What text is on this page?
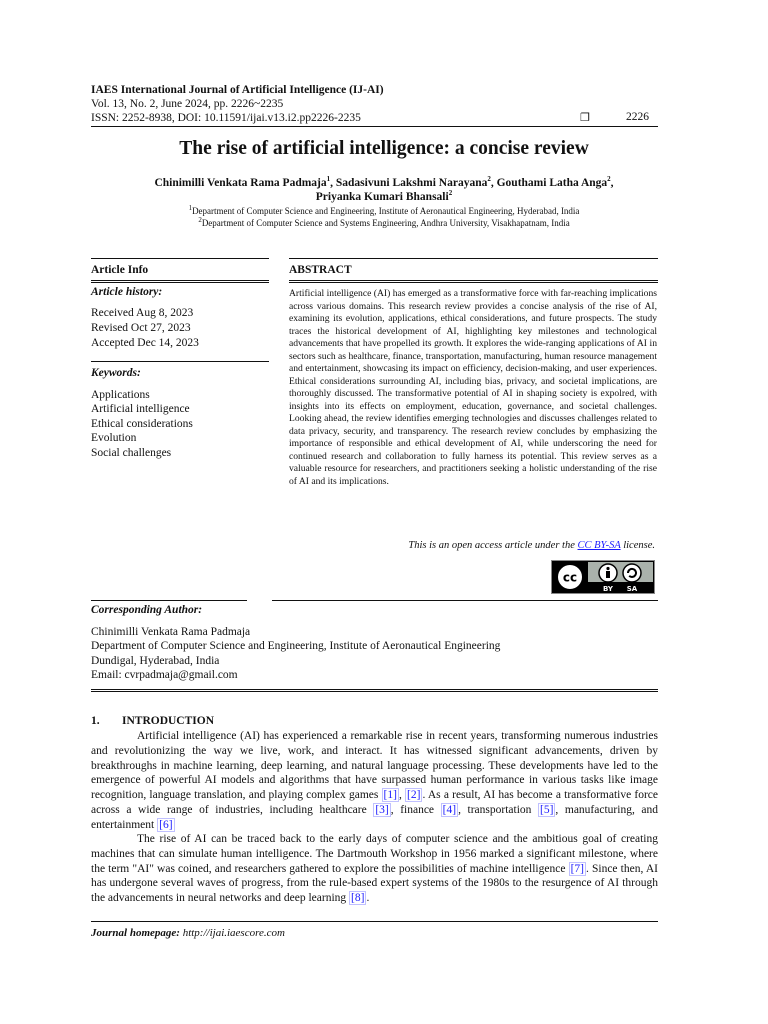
IAES International Journal of Artificial Intelligence (IJ-AI)
Vol. 13, No. 2, June 2024, pp. 2226~2235
ISSN: 2252-8938, DOI: 10.11591/ijai.v13.i2.pp2226-2235	❐	2226
The rise of artificial intelligence: a concise review
Chinimilli Venkata Rama Padmaja$^1$, Sadasivuni Lakshmi Narayana$^2$, Gouthami Latha Anga$^2$,
Priyanka Kumari Bhansali$^2$
$^1$Department of Computer Science and Engineering, Institute of Aeronautical Engineering, Hyderabad, India
$^2$Department of Computer Science and Systems Engineering, Andhra University, Visakhapatnam, India
Article Info	ABSTRACT
Article history:
Received Aug 8, 2023
Revised Oct 27, 2023
Accepted Dec 14, 2023
Keywords:
Applications
Artificial intelligence
Ethical considerations
Evolution
Social challenges
Artificial intelligence (AI) has emerged as a transformative force with far-reaching implications across various domains. This research review provides a concise analysis of the rise of AI, examining its evolution, applications, ethical considerations, and future prospects. The study traces the historical development of AI, highlighting key milestones and technological advancements that have propelled its growth. It explores the wide-ranging applications of AI in sectors such as healthcare, finance, transportation, manufacturing, human resource management and entertainment, showcasing its impact on efficiency, decision-making, and user experiences. Ethical considerations surrounding AI, including bias, privacy, and societal implications, are thoroughly discussed. The transformative potential of AI in shaping society is expolred, with insights into its effects on employment, education, governance, and societal challenges. Looking ahead, the review identifies emerging technologies and discusses challenges related to data privacy, security, and transparency. The research review concludes by emphasizing the importance of responsible and ethical development of AI, while underscoring the need for continued research and collaboration to fully harness its potential. This review serves as a valuable resource for researchers, and practitioners seeking a holistic understanding of the rise of AI and its implications.
This is an open access article under the CC BY-SA license.
cc
BY SA
Corresponding Author:
Chinimilli Venkata Rama Padmaja
Department of Computer Science and Engineering, Institute of Aeronautical Engineering
Dundigal, Hyderabad, India
Email: cvrpadmaja@gmail.com
1. INTRODUCTION
Artificial intelligence (AI) has experienced a remarkable rise in recent years, transforming numerous industries and revolutionizing the way we live, work, and interact. It has witnessed significant advancements, driven by breakthroughs in machine learning, deep learning, and natural language processing. These developments have led to the emergence of powerful AI models and algorithms that have surpassed human performance in various tasks like image recognition, language translation, and playing complex games [1] , [2] . As a result, AI has become a transformative force across a wide range of industries, including healthcare [3] , finance [4] , transportation [5] , manufacturing, and entertainment [6]
The rise of AI can be traced back to the early days of computer science and the ambitious goal of creating machines that can simulate human intelligence. The Dartmouth Workshop in 1956 marked a significant milestone, where the term "AI" was coined, and researchers gathered to explore the possibilities of machine intelligence [7] . Since then, AI has undergone several waves of progress, from the rule-based expert systems of the 1980s to the resurgence of AI through the advancements in neural networks and deep learning [8] .
Journal homepage: http://ijai.iaescore.com
